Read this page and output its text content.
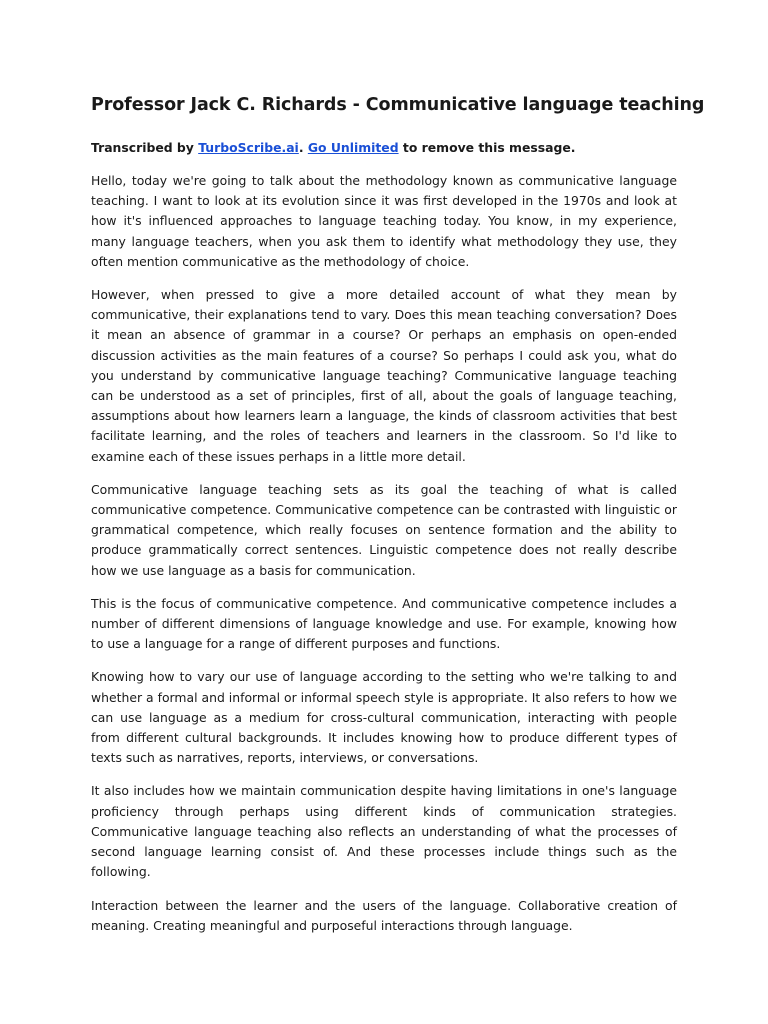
Professor Jack C. Richards - Communicative language teaching
Transcribed by TurboScribe.ai. Go Unlimited to remove this message.

Hello, today we're going to talk about the methodology known as communicative language teaching. I want to look at its evolution since it was first developed in the 1970s and look at how it's influenced approaches to language teaching today. You know, in my experience, many language teachers, when you ask them to identify what methodology they use, they often mention communicative as the methodology of choice.

However, when pressed to give a more detailed account of what they mean by communicative, their explanations tend to vary. Does this mean teaching conversation? Does it mean an absence of grammar in a course? Or perhaps an emphasis on open-ended discussion activities as the main features of a course? So perhaps I could ask you, what do you understand by communicative language teaching? Communicative language teaching can be understood as a set of principles, first of all, about the goals of language teaching, assumptions about how learners learn a language, the kinds of classroom activities that best facilitate learning, and the roles of teachers and learners in the classroom. So I'd like to examine each of these issues perhaps in a little more detail.

Communicative language teaching sets as its goal the teaching of what is called communicative competence. Communicative competence can be contrasted with linguistic or grammatical competence, which really focuses on sentence formation and the ability to produce grammatically correct sentences. Linguistic competence does not really describe how we use language as a basis for communication.

This is the focus of communicative competence. And communicative competence includes a number of different dimensions of language knowledge and use. For example, knowing how to use a language for a range of different purposes and functions.

Knowing how to vary our use of language according to the setting who we're talking to and whether a formal and informal or informal speech style is appropriate. It also refers to how we can use language as a medium for cross-cultural communication, interacting with people from different cultural backgrounds. It includes knowing how to produce different types of texts such as narratives, reports, interviews, or conversations.

It also includes how we maintain communication despite having limitations in one's language proficiency through perhaps using different kinds of communication strategies. Communicative language teaching also reflects an understanding of what the processes of second language learning consist of. And these processes include things such as the following.

Interaction between the learner and the users of the language. Collaborative creation of meaning. Creating meaningful and purposeful interactions through language.
